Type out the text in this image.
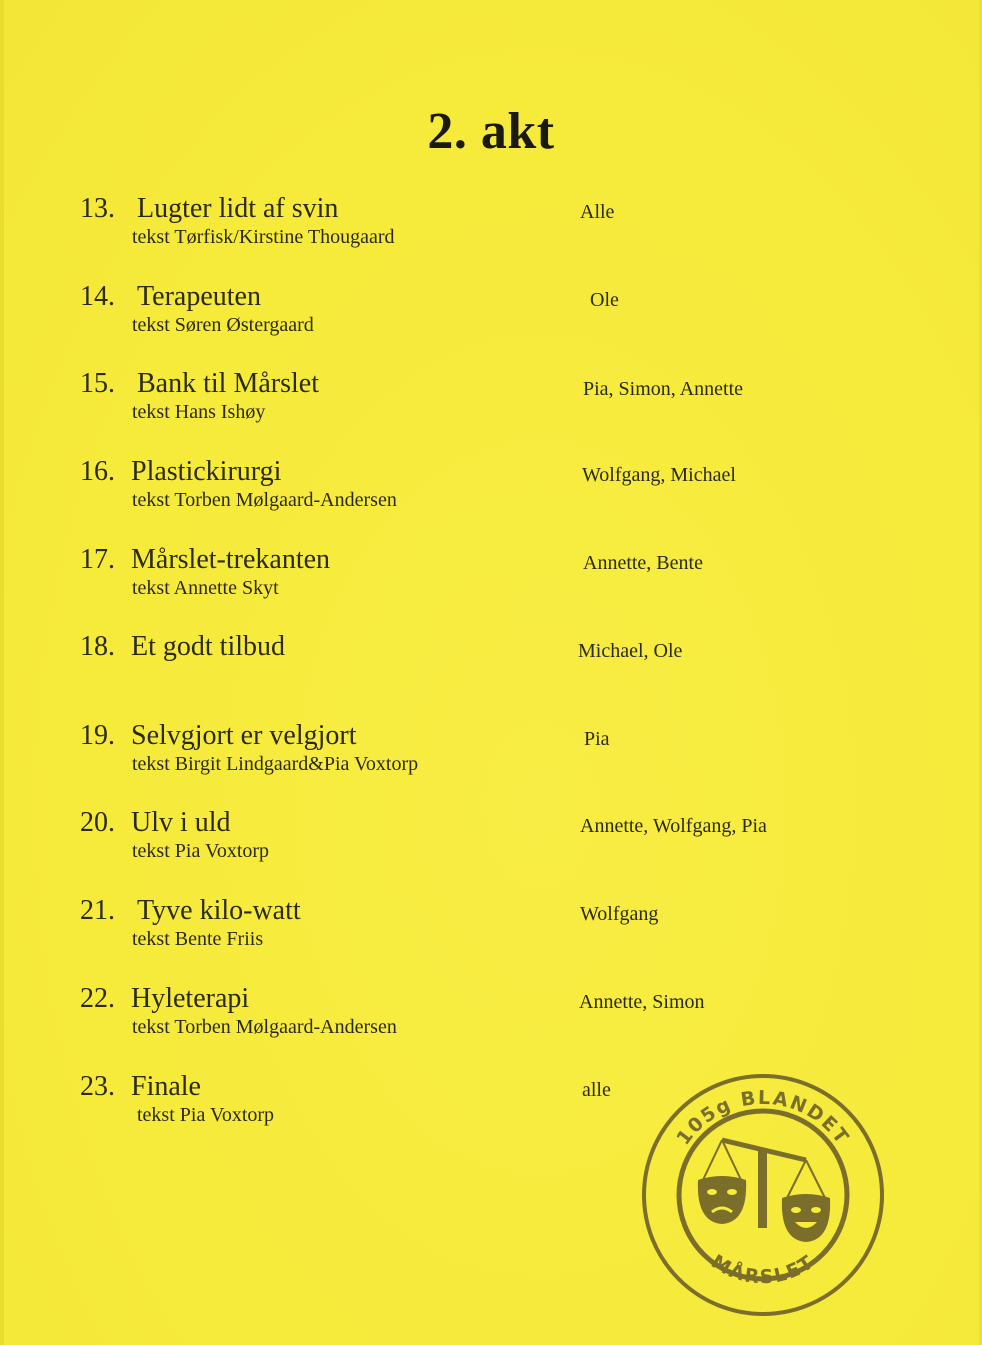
2. akt
13. Lugter lidt af svin
tekst Tørfisk/Kirstine Thougaard
Alle
14. Terapeuten
tekst Søren Østergaard
Ole
15. Bank til Mårslet
tekst Hans Ishøy
Pia, Simon, Annette
16. Plastickirurgi
tekst Torben Mølgaard-Andersen
Wolfgang, Michael
17. Mårslet-trekanten
tekst Annette Skyt
Annette, Bente
18. Et godt tilbud	Michael, Ole
19. Selvgjort er velgjort
tekst Birgit Lindgaard&Pia Voxtorp
Pia
20. Ulv i uld
tekst Pia Voxtorp
Annette, Wolfgang, Pia
21. Tyve kilo-watt
tekst Bente Friis
Wolfgang
22. Hyleterapi
tekst Torben Mølgaard-Andersen
Annette, Simon
23. Finale
tekst Pia Voxtorp
alle
105g BLANDET
MÅRSLET
